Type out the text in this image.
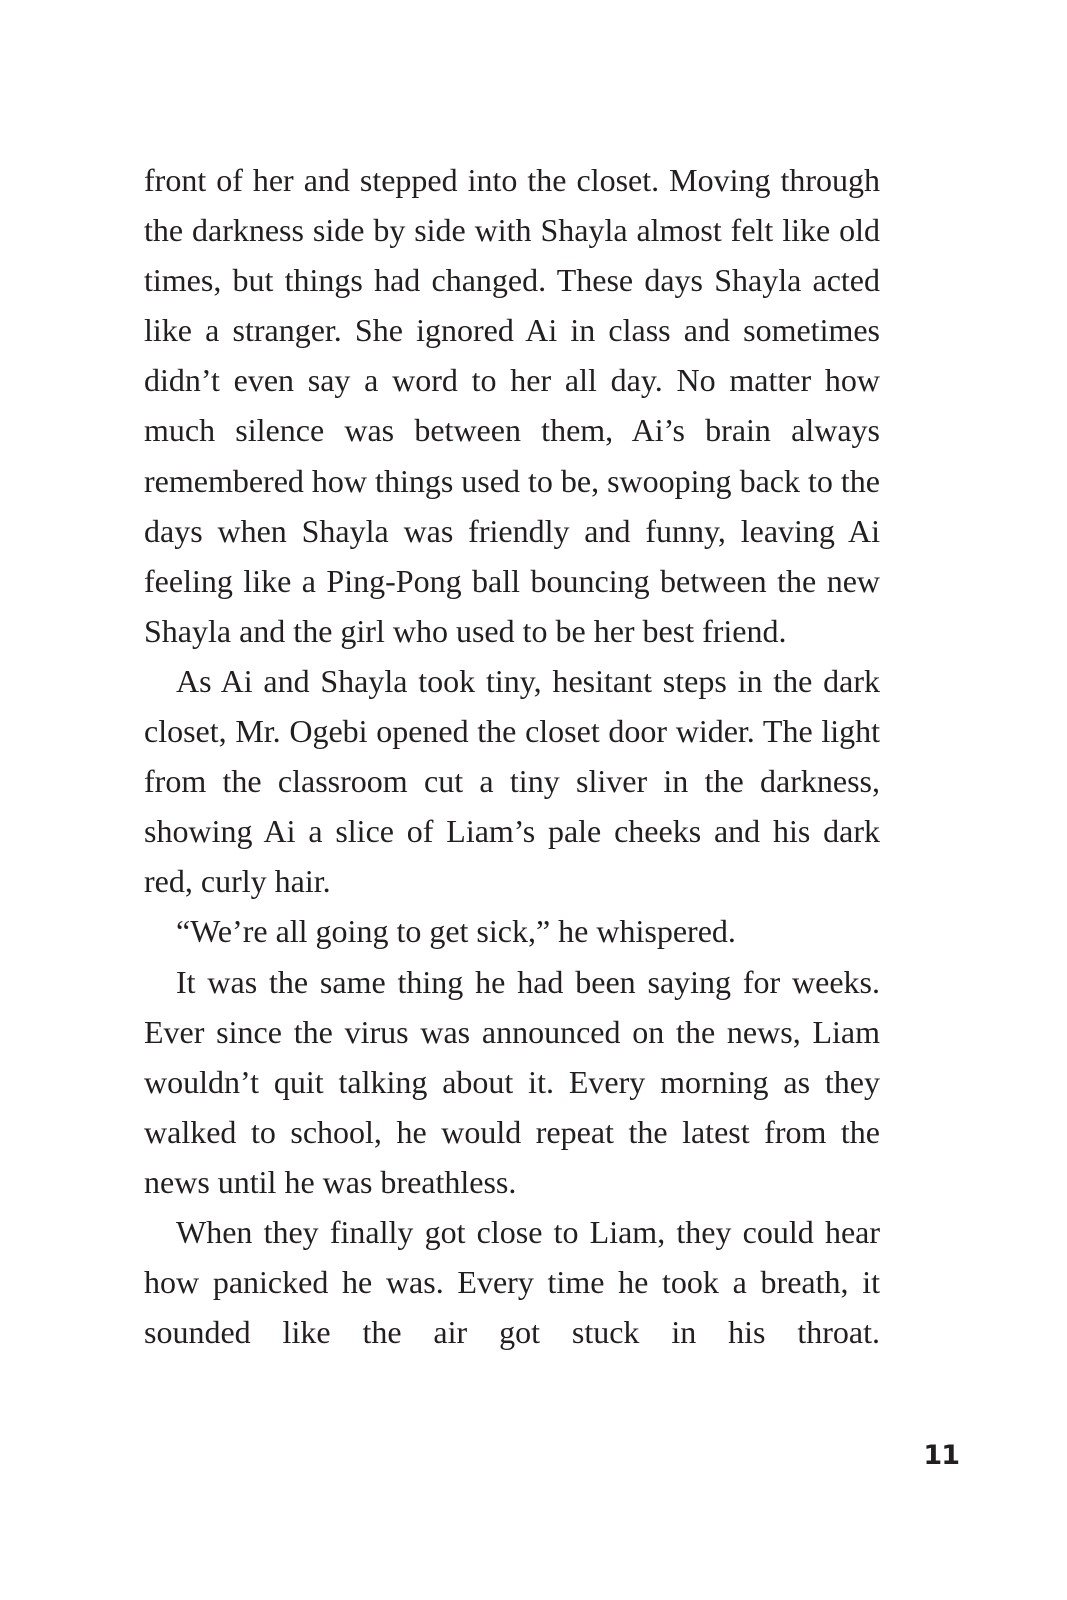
front of her and stepped into the closet. Moving through the darkness side by side with Shayla almost felt like old times, but things had changed. These days Shayla acted like a stranger. She ignored Ai in class and sometimes didn’t even say a word to her all day. No matter how much silence was between them, Ai’s brain always remembered how things used to be, swooping back to the days when Shayla was friendly and funny, leaving Ai feeling like a Ping-Pong ball bouncing between the new Shayla and the girl who used to be her best friend.

As Ai and Shayla took tiny, hesitant steps in the dark closet, Mr. Ogebi opened the closet door wider. The light from the classroom cut a tiny sliver in the darkness, showing Ai a slice of Liam’s pale cheeks and his dark red, curly hair.

“We’re all going to get sick,” he whispered.

It was the same thing he had been saying for weeks. Ever since the virus was announced on the news, Liam wouldn’t quit talking about it. Every morning as they walked to school, he would repeat the latest from the news until he was breathless.

When they finally got close to Liam, they could hear how panicked he was. Every time he took a breath, it sounded like the air got stuck in his throat.

11
